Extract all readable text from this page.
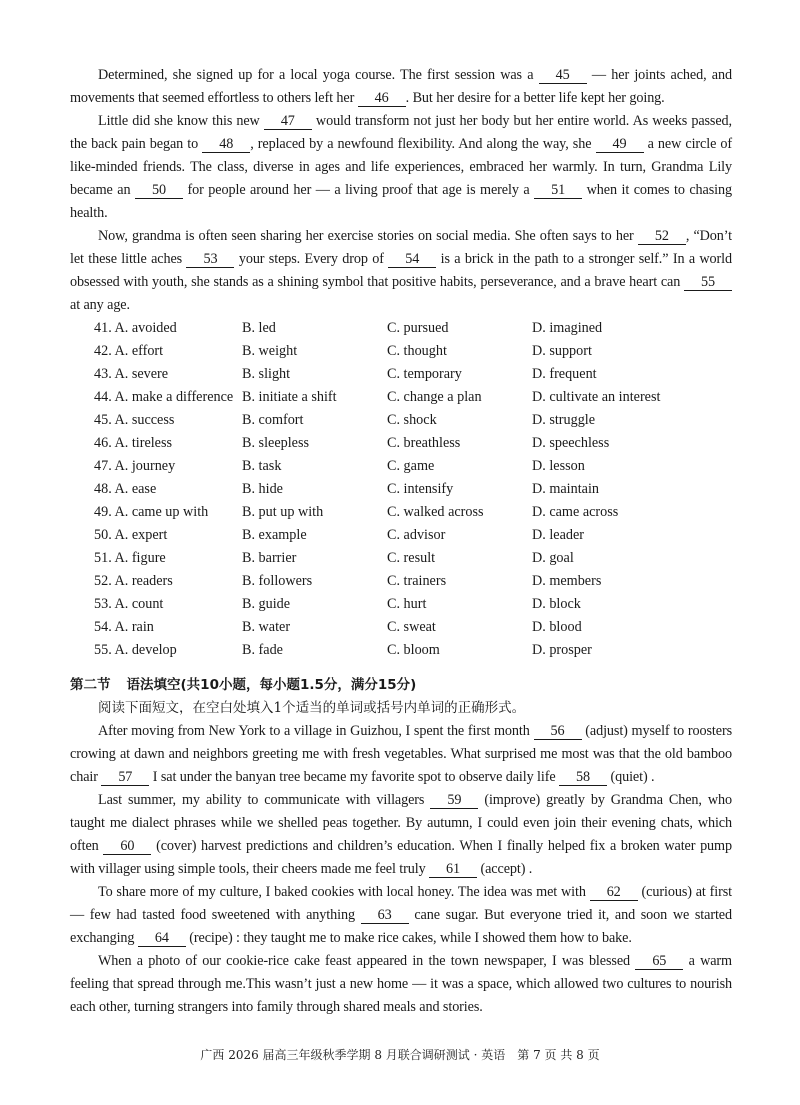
Determined, she signed up for a local yoga course. The first session was a 45 — her joints ached, and movements that seemed effortless to others left her 46 . But her desire for a better life kept her going.

Little did she know this new 47 would transform not just her body but her entire world. As weeks passed, the back pain began to 48 , replaced by a newfound flexibility. And along the way, she 49 a new circle of like-minded friends. The class, diverse in ages and life experiences, embraced her warmly. In turn, Grandma Lily became an 50 for people around her — a living proof that age is merely a 51 when it comes to chasing health.

Now, grandma is often seen sharing her exercise stories on social media. She often says to her 52 , “Don’t let these little aches 53 your steps. Every drop of 54 is a brick in the path to a stronger self.” In a world obsessed with youth, she stands as a shining symbol that positive habits, perseverance, and a brave heart can 55 at any age.

41. A. avoided	B. led	C. pursued	D. imagined
42. A. effort	B. weight	C. thought	D. support
43. A. severe	B. slight	C. temporary	D. frequent
44. A. make a difference B. initiate a shift	C. change a plan	D. cultivate an interest
45. A. success	B. comfort	C. shock	D. struggle
46. A. tireless	B. sleepless	C. breathless	D. speechless
47. A. journey	B. task	C. game	D. lesson
48. A. ease	B. hide	C. intensify	D. maintain
49. A. came up with	B. put up with	C. walked across	D. came across
50. A. expert	B. example	C. advisor	D. leader
51. A. figure	B. barrier	C. result	D. goal
52. A. readers	B. followers	C. trainers	D. members
53. A. count	B. guide	C. hurt	D. block
54. A. rain	B. water	C. sweat	D. blood
55. A. develop	B. fade	C. bloom	D. prosper
第二节 语法填空(共10小题，每小题1.5分，满分15分)
阅读下面短文，在空白处填入1个适当的单词或括号内单词的正确形式。

After moving from New York to a village in Guizhou, I spent the first month 56 (adjust) myself to roosters crowing at dawn and neighbors greeting me with fresh vegetables. What surprised me most was that the old bamboo chair 57 I sat under the banyan tree became my favorite spot to observe daily life 58 (quiet) .

Last summer, my ability to communicate with villagers 59 (improve) greatly by Grandma Chen, who taught me dialect phrases while we shelled peas together. By autumn, I could even join their evening chats, which often 60 (cover) harvest predictions and children’s education. When I finally helped fix a broken water pump with villager using simple tools, their cheers made me feel truly 61 (accept) .

To share more of my culture, I baked cookies with local honey. The idea was met with 62 (curious) at first — few had tasted food sweetened with anything 63 cane sugar. But everyone tried it, and soon we started exchanging 64 (recipe) : they taught me to make rice cakes, while I showed them how to bake.

When a photo of our cookie-rice cake feast appeared in the town newspaper, I was blessed 65 a warm feeling that spread through me.This wasn’t just a new home — it was a space, which allowed two cultures to nourish each other, turning strangers into family through shared meals and stories.

广西 2026 届高三年级秋季学期 8 月联合调研测试 · 英语　第 7 页 共 8 页
